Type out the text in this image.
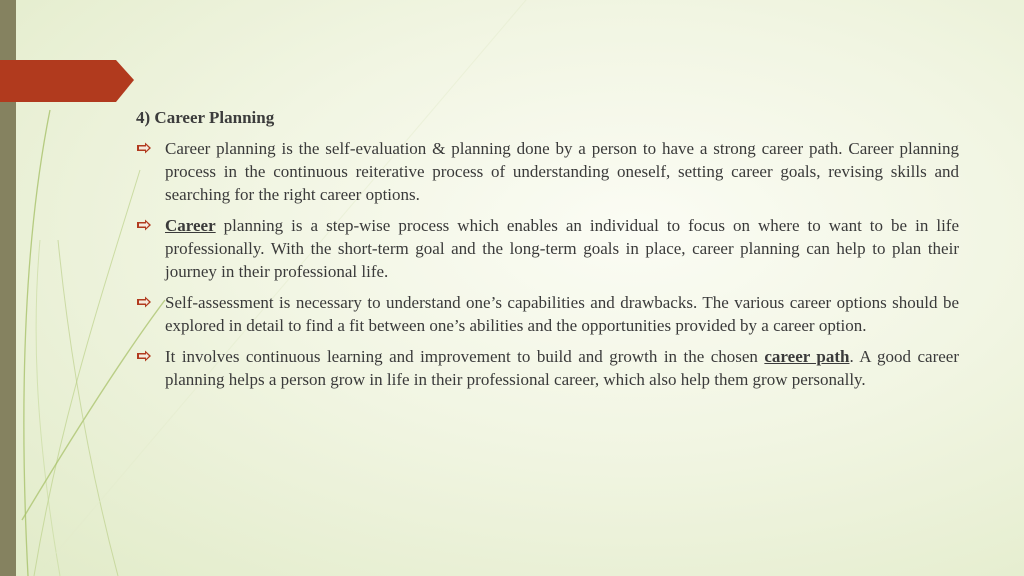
4) Career Planning
Career planning is the self-evaluation & planning done by a person to have a strong career path. Career planning process in the continuous reiterative process of understanding oneself, setting career goals, revising skills and searching for the right career options.
Career planning is a step-wise process which enables an individual to focus on where to want to be in life professionally. With the short-term goal and the long-term goals in place, career planning can help to plan their journey in their professional life.
Self-assessment is necessary to understand one’s capabilities and drawbacks. The various career options should be explored in detail to find a fit between one’s abilities and the opportunities provided by a career option.
It involves continuous learning and improvement to build and growth in the chosen career path. A good career planning helps a person grow in life in their professional career, which also help them grow personally.
